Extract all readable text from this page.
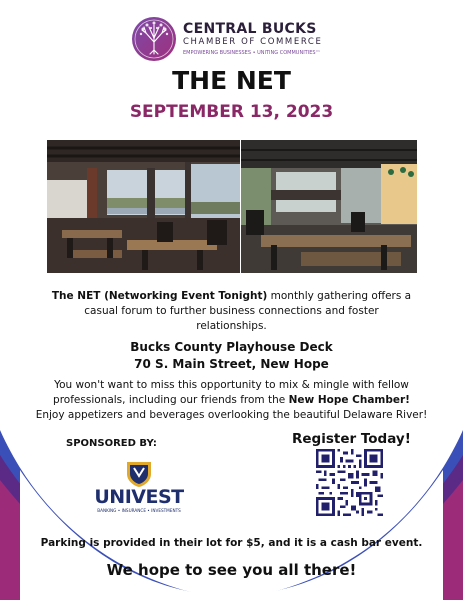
CENTRAL BUCKS
CHAMBER OF COMMERCE
EMPOWERING BUSINESSES • UNITING COMMUNITIES™
THE NET
SEPTEMBER 13, 2023
The NET (Networking Event Tonight) monthly gathering offers a casual forum to further business connections and foster relationships.
Bucks County Playhouse Deck
70 S. Main Street, New Hope
You won't want to miss this opportunity to mix & mingle with fellow
professionals, including our friends from the New Hope Chamber!
Enjoy appetizers and beverages overlooking the beautiful Delaware River!
SPONSORED BY:	Register Today!
UNIVEST
BANKING • INSURANCE • INVESTMENTS
Parking is provided in their lot for $5, and it is a cash bar event.
We hope to see you all there!
